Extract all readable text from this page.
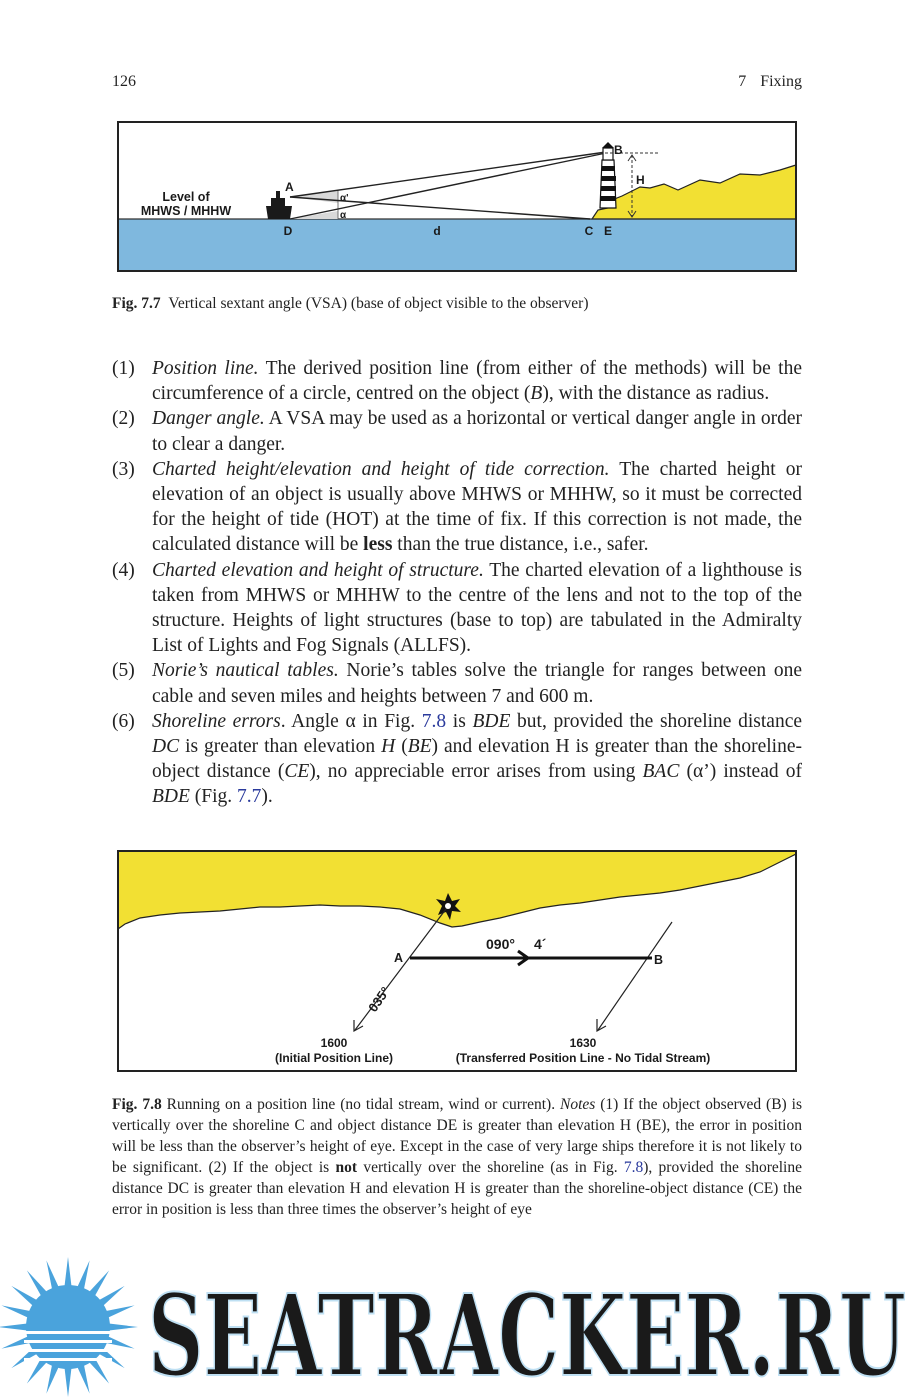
126	7 Fixing
Level of
MHWS / MHHW
A
B
D	d	C E
H
α'
α
Fig. 7.7 Vertical sextant angle (VSA) (base of object visible to the observer)
(1) Position line. The derived position line (from either of the methods) will be the circumference of a circle, centred on the object (B), with the distance as radius.
(2) Danger angle. A VSA may be used as a horizontal or vertical danger angle in order to clear a danger.
(3) Charted height/elevation and height of tide correction. The charted height or elevation of an object is usually above MHWS or MHHW, so it must be corrected for the height of tide (HOT) at the time of fix. If this correction is not made, the calculated distance will be less than the true distance, i.e., safer.
(4) Charted elevation and height of structure. The charted elevation of a lighthouse is taken from MHWS or MHHW to the centre of the lens and not to the top of the structure. Heights of light structures (base to top) are tabulated in the Admiralty List of Lights and Fog Signals (ALLFS).
(5) Norie’s nautical tables. Norie’s tables solve the triangle for ranges between one cable and seven miles and heights between 7 and 600 m.
(6) Shoreline errors. Angle α in Fig. 7.8 is BDE but, provided the shoreline distance DC is greater than elevation H (BE) and elevation H is greater than the shoreline-object distance (CE), no appreciable error arises from using BAC (α’) instead of BDE (Fig. 7.7).
A	B
090° 4´
035°
1600
(Initial Position Line)
1630
(Transferred Position Line - No Tidal Stream)
Fig. 7.8 Running on a position line (no tidal stream, wind or current). Notes (1) If the object observed (B) is vertically over the shoreline C and object distance DE is greater than elevation H (BE), the error in position will be less than the observer’s height of eye. Except in the case of very large ships therefore it is not likely to be significant. (2) If the object is not vertically over the shoreline (as in Fig. 7.8), provided the shoreline distance DC is greater than elevation H and elevation H is greater than the shoreline-object distance (CE) the error in position is less than three times the observer’s height of eye
SEATRACKER.RU
